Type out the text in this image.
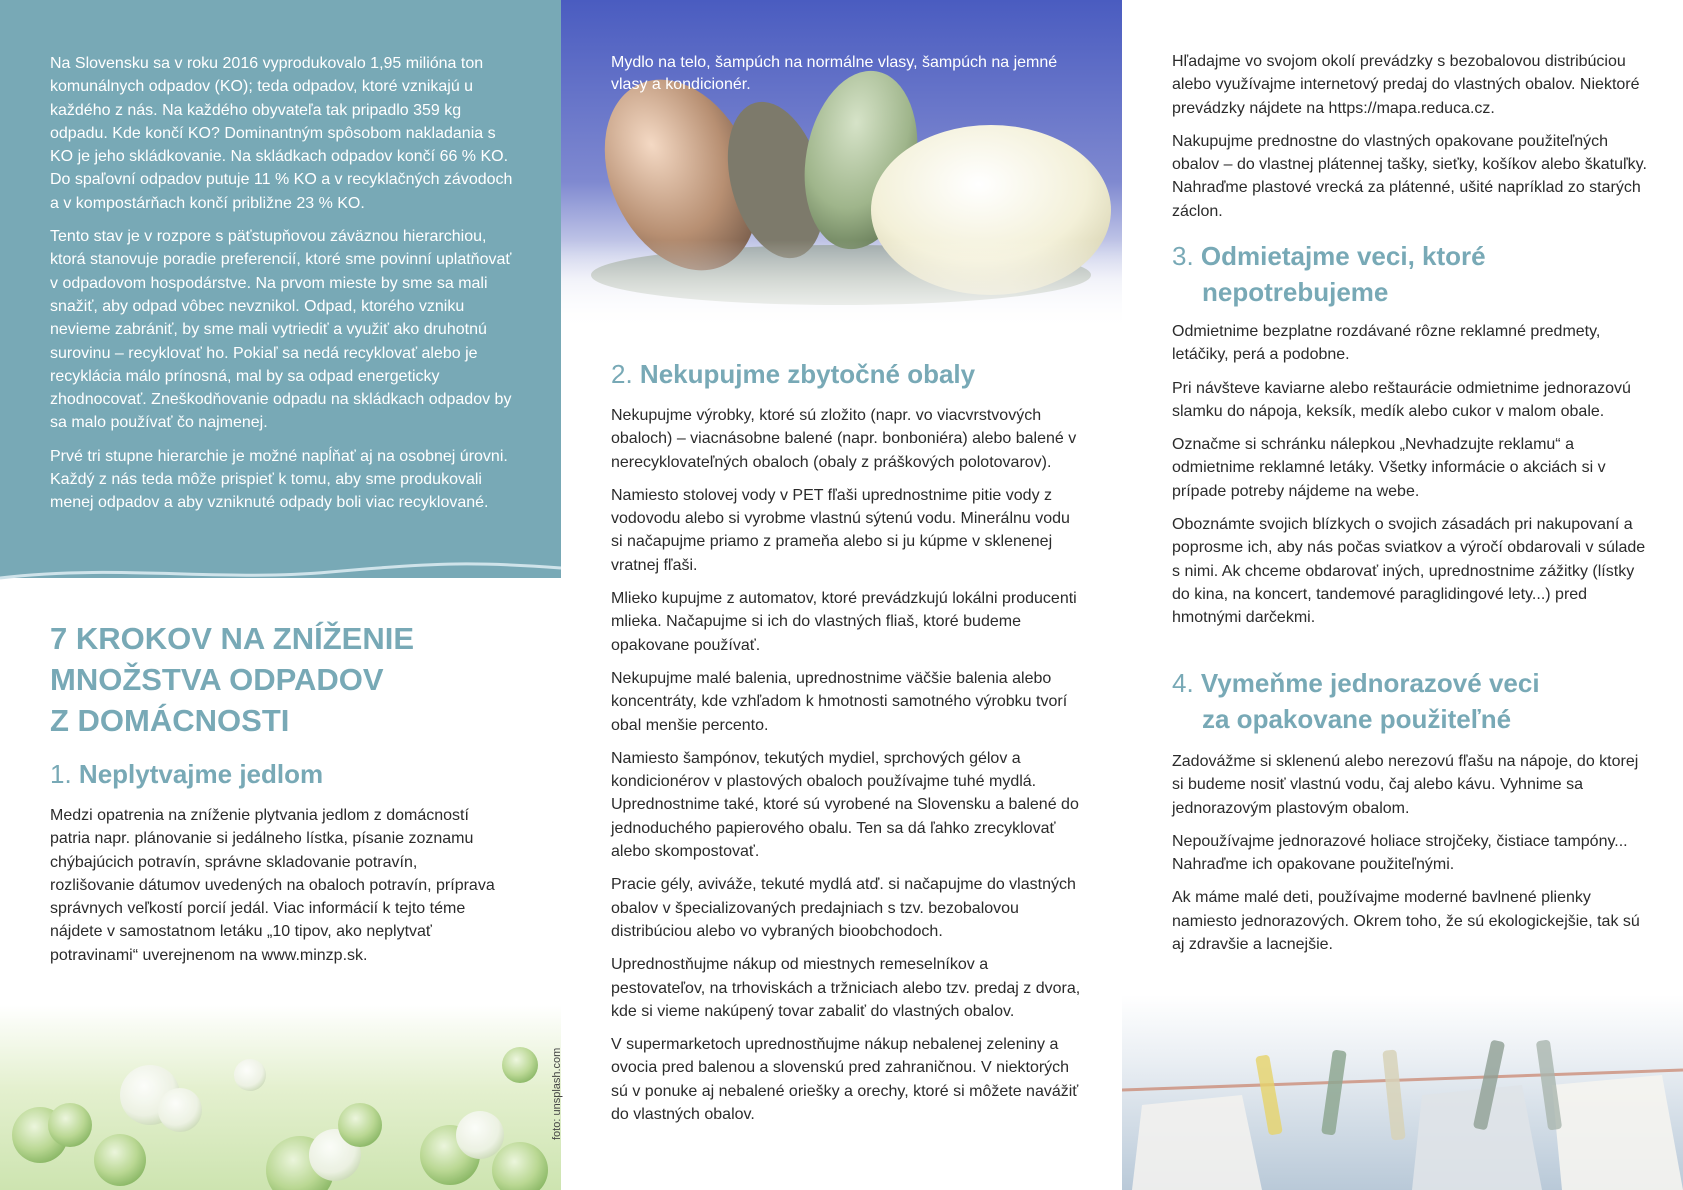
Na Slovensku sa v roku 2016 vyprodukovalo 1,95 milióna ton komunálnych odpadov (KO); teda odpadov, ktoré vznikajú u každého z nás. Na každého obyvateľa tak pripadlo 359 kg odpadu. Kde končí KO? Dominantným spôsobom nakladania s KO je jeho skládkovanie. Na skládkach odpadov končí 66 % KO. Do spaľovní odpadov putuje 11 % KO a v recyklačných závodoch a v kompostárňach končí približne 23 % KO.

Tento stav je v rozpore s päťstupňovou záväznou hierarchiou, ktorá stanovuje poradie preferencií, ktoré sme povinní uplatňovať v odpadovom hospodárstve. Na prvom mieste by sme sa mali snažiť, aby odpad vôbec nevznikol. Odpad, ktorého vzniku nevieme zabrániť, by sme mali vytriediť a využiť ako druhotnú surovinu – recyklovať ho. Pokiaľ sa nedá recyklovať alebo je recyklácia málo prínosná, mal by sa odpad energeticky zhodnocovať. Zneškodňovanie odpadu na skládkach odpadov by sa malo používať čo najmenej.

Prvé tri stupne hierarchie je možné napĺňať aj na osobnej úrovni. Každý z nás teda môže prispieť k tomu, aby sme produkovali menej odpadov a aby vzniknuté odpady boli viac recyklované.

7 KROKOV NA ZNÍŽENIE
MNOŽSTVA ODPADOV
Z DOMÁCNOSTI
1. Neplytvajme jedlom

Medzi opatrenia na zníženie plytvania jedlom z domácností patria napr. plánovanie si jedálneho lístka, písanie zoznamu chýbajúcich potravín, správne skladovanie potravín, rozlišovanie dátumov uvedených na obaloch potravín, príprava správnych veľkostí porcií jedál. Viac informácií k tejto téme nájdete v samostatnom letáku „10 tipov, ako neplytvať potravinami“ uverejnenom na www.minzp.sk.

Mydlo na telo, šampúch na normálne vlasy, šampúch na jemné vlasy a kondicionér.
2. Nekupujme zbytočné obaly

Nekupujme výrobky, ktoré sú zložito (napr. vo viacvrstvových obaloch) – viacnásobne balené (napr. bonboniéra) alebo balené v nerecyklovateľných obaloch (obaly z práškových polotovarov).

Namiesto stolovej vody v PET fľaši uprednostnime pitie vody z vodovodu alebo si vyrobme vlastnú sýtenú vodu. Minerálnu vodu si načapujme priamo z prameňa alebo si ju kúpme v sklenenej vratnej fľaši.

Mlieko kupujme z automatov, ktoré prevádzkujú lokálni producenti mlieka. Načapujme si ich do vlastných fliaš, ktoré budeme opakovane používať.

Nekupujme malé balenia, uprednostnime väčšie balenia alebo koncentráty, kde vzhľadom k hmotnosti samotného výrobku tvorí obal menšie percento.

Namiesto šampónov, tekutých mydiel, sprchových gélov a kondicionérov v plastových obaloch používajme tuhé mydlá. Uprednostnime také, ktoré sú vyrobené na Slovensku a balené do jednoduchého papierového obalu. Ten sa dá ľahko zrecyklovať alebo skompostovať.

Pracie gély, aviváže, tekuté mydlá atď. si načapujme do vlastných obalov v špecializovaných predajniach s tzv. bezobalovou distribúciou alebo vo vybraných bioobchodoch.

Uprednostňujme nákup od miestnych remeselníkov a pestovateľov, na trhoviskách a tržniciach alebo tzv. predaj z dvora, kde si vieme nakúpený tovar zabaliť do vlastných obalov.

V supermarketoch uprednostňujme nákup nebalenej zeleniny a ovocia pred balenou a slovenskú pred zahraničnou. V niektorých sú v ponuke aj nebalené oriešky a orechy, ktoré si môžete navážiť do vlastných obalov.

foto: unsplash.com

Hľadajme vo svojom okolí prevádzky s bezobalovou distribúciou alebo využívajme internetový predaj do vlastných obalov. Niektoré prevádzky nájdete na https://mapa.reduca.cz.

Nakupujme prednostne do vlastných opakovane použiteľných obalov – do vlastnej plátennej tašky, sieťky, košíkov alebo škatuľky. Nahraďme plastové vrecká za plátenné, ušité napríklad zo starých záclon.

3. Odmietajme veci, ktoré
nepotrebujeme

Odmietnime bezplatne rozdávané rôzne reklamné predmety, letáčiky, perá a podobne.

Pri návšteve kaviarne alebo reštaurácie odmietnime jednorazovú slamku do nápoja, keksík, medík alebo cukor v malom obale.

Označme si schránku nálepkou „Nevhadzujte reklamu“ a odmietnime reklamné letáky. Všetky informácie o akciách si v prípade potreby nájdeme na webe.

Oboznámte svojich blízkych o svojich zásadách pri nakupovaní a poprosme ich, aby nás počas sviatkov a výročí obdarovali v súlade s nimi. Ak chceme obdarovať iných, uprednostnime zážitky (lístky do kina, na koncert, tandemové paraglidingové lety...) pred hmotnými darčekmi.

4. Vymeňme jednorazové veci
za opakovane použiteľné

Zadovážme si sklenenú alebo nerezovú fľašu na nápoje, do ktorej si budeme nosiť vlastnú vodu, čaj alebo kávu. Vyhnime sa jednorazovým plastovým obalom.

Nepoužívajme jednorazové holiace strojčeky, čistiace tampóny... Nahraďme ich opakovane použiteľnými.

Ak máme malé deti, používajme moderné bavlnené plienky namiesto jednorazových. Okrem toho, že sú ekologickejšie, tak sú aj zdravšie a lacnejšie.
